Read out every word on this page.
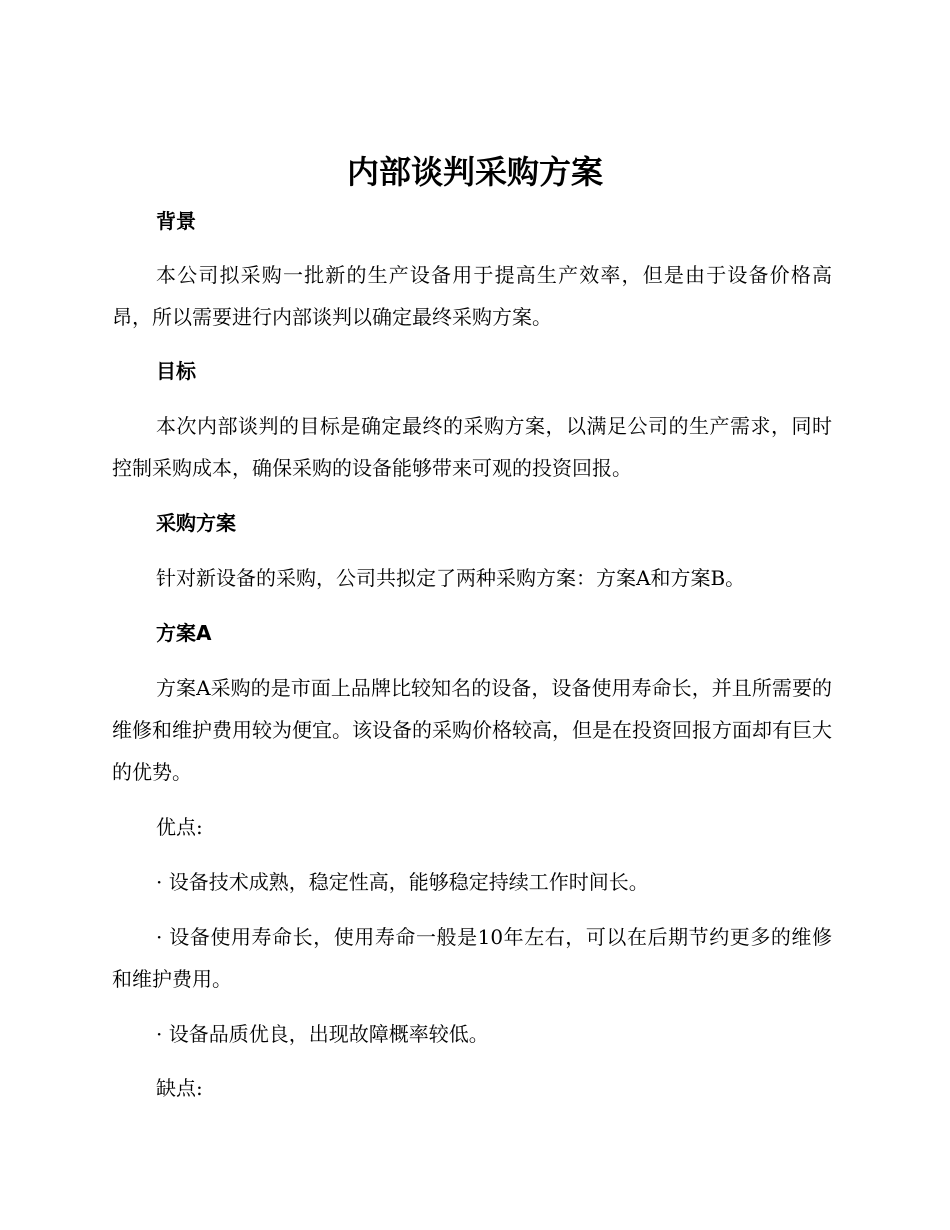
内部谈判采购方案
背景

本公司拟采购一批新的生产设备用于提高生产效率，但是由于设备价格高昂，所以需要进行内部谈判以确定最终采购方案。

目标

本次内部谈判的目标是确定最终的采购方案，以满足公司的生产需求，同时控制采购成本，确保采购的设备能够带来可观的投资回报。

采购方案

针对新设备的采购，公司共拟定了两种采购方案：方案A和方案B。

方案A

方案A采购的是市面上品牌比较知名的设备，设备使用寿命长，并且所需要的维修和维护费用较为便宜。该设备的采购价格较高，但是在投资回报方面却有巨大的优势。

优点:

· 设备技术成熟，稳定性高，能够稳定持续工作时间长。

· 设备使用寿命长，使用寿命一般是10年左右，可以在后期节约更多的维修和维护费用。

· 设备品质优良，出现故障概率较低。

缺点:
